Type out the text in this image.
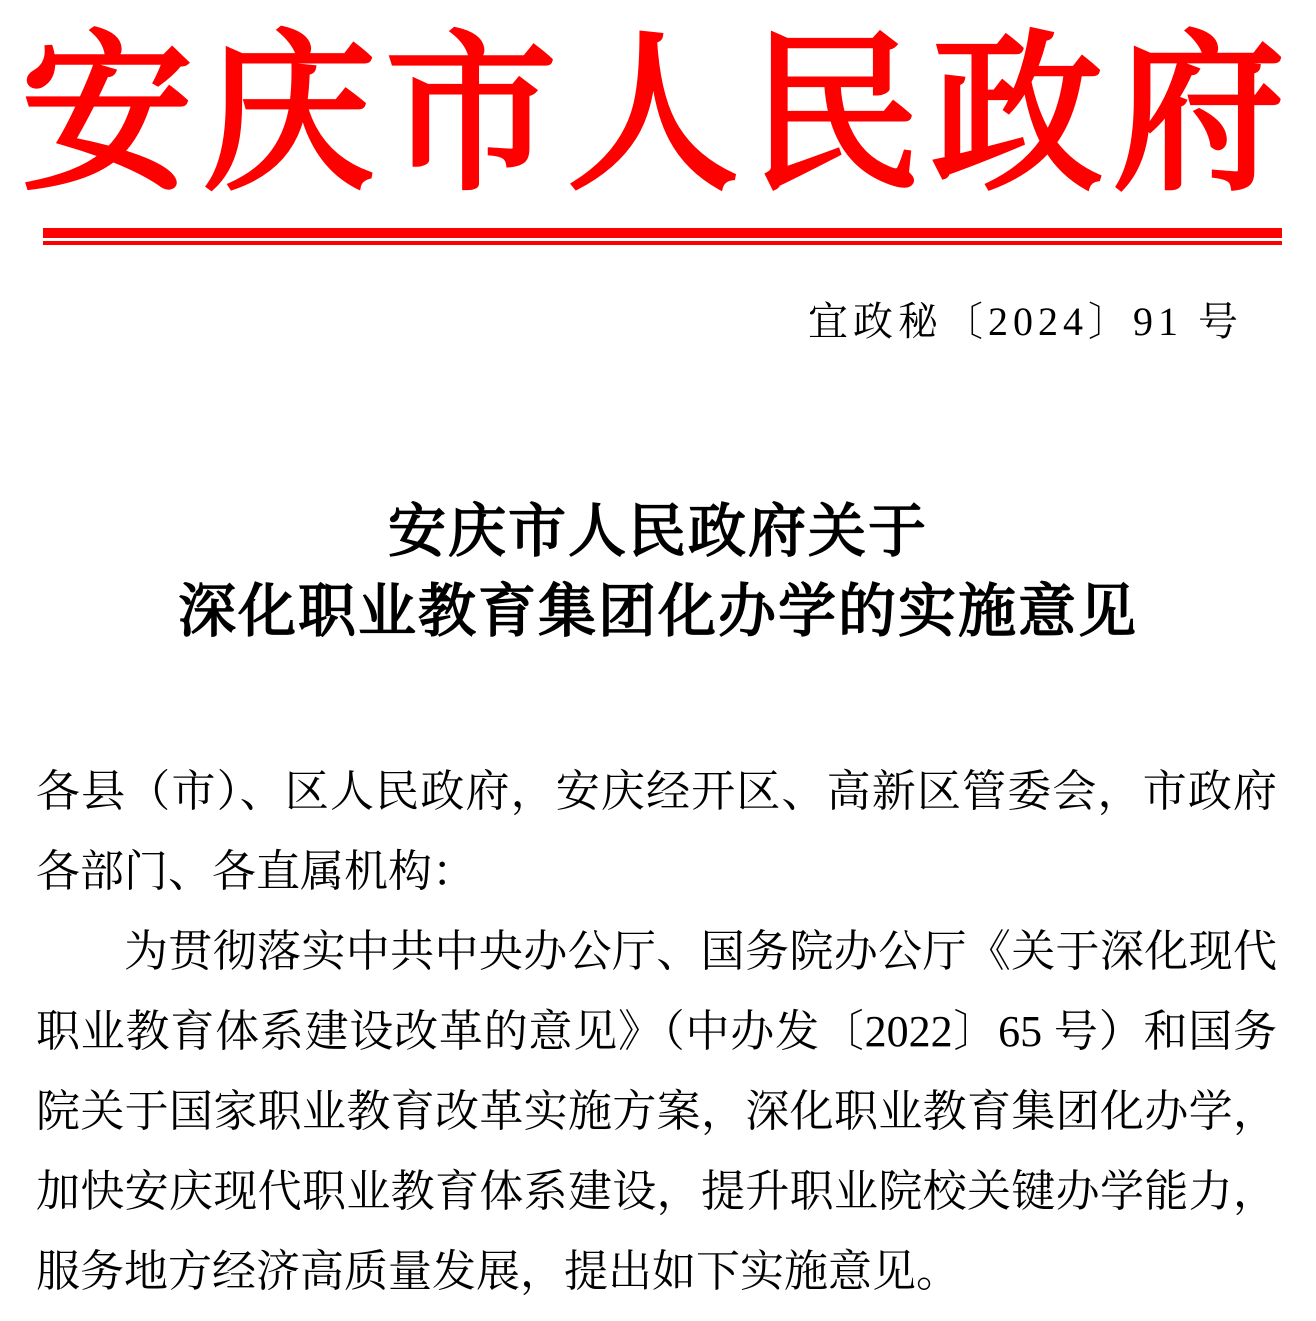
安庆市人民政府
宜政秘〔2024〕91 号
安庆市人民政府关于
深化职业教育集团化办学的实施意见
各县（市）、区人民政府，安庆经开区、高新区管委会，市政府
各部门、各直属机构：
为贯彻落实中共中央办公厅、国务院办公厅《关于深化现代
职业教育体系建设改革的意见》（中办发〔2022〕65 号）和国务
院关于国家职业教育改革实施方案，深化职业教育集团化办学，
加快安庆现代职业教育体系建设，提升职业院校关键办学能力，
服务地方经济高质量发展，提出如下实施意见。
